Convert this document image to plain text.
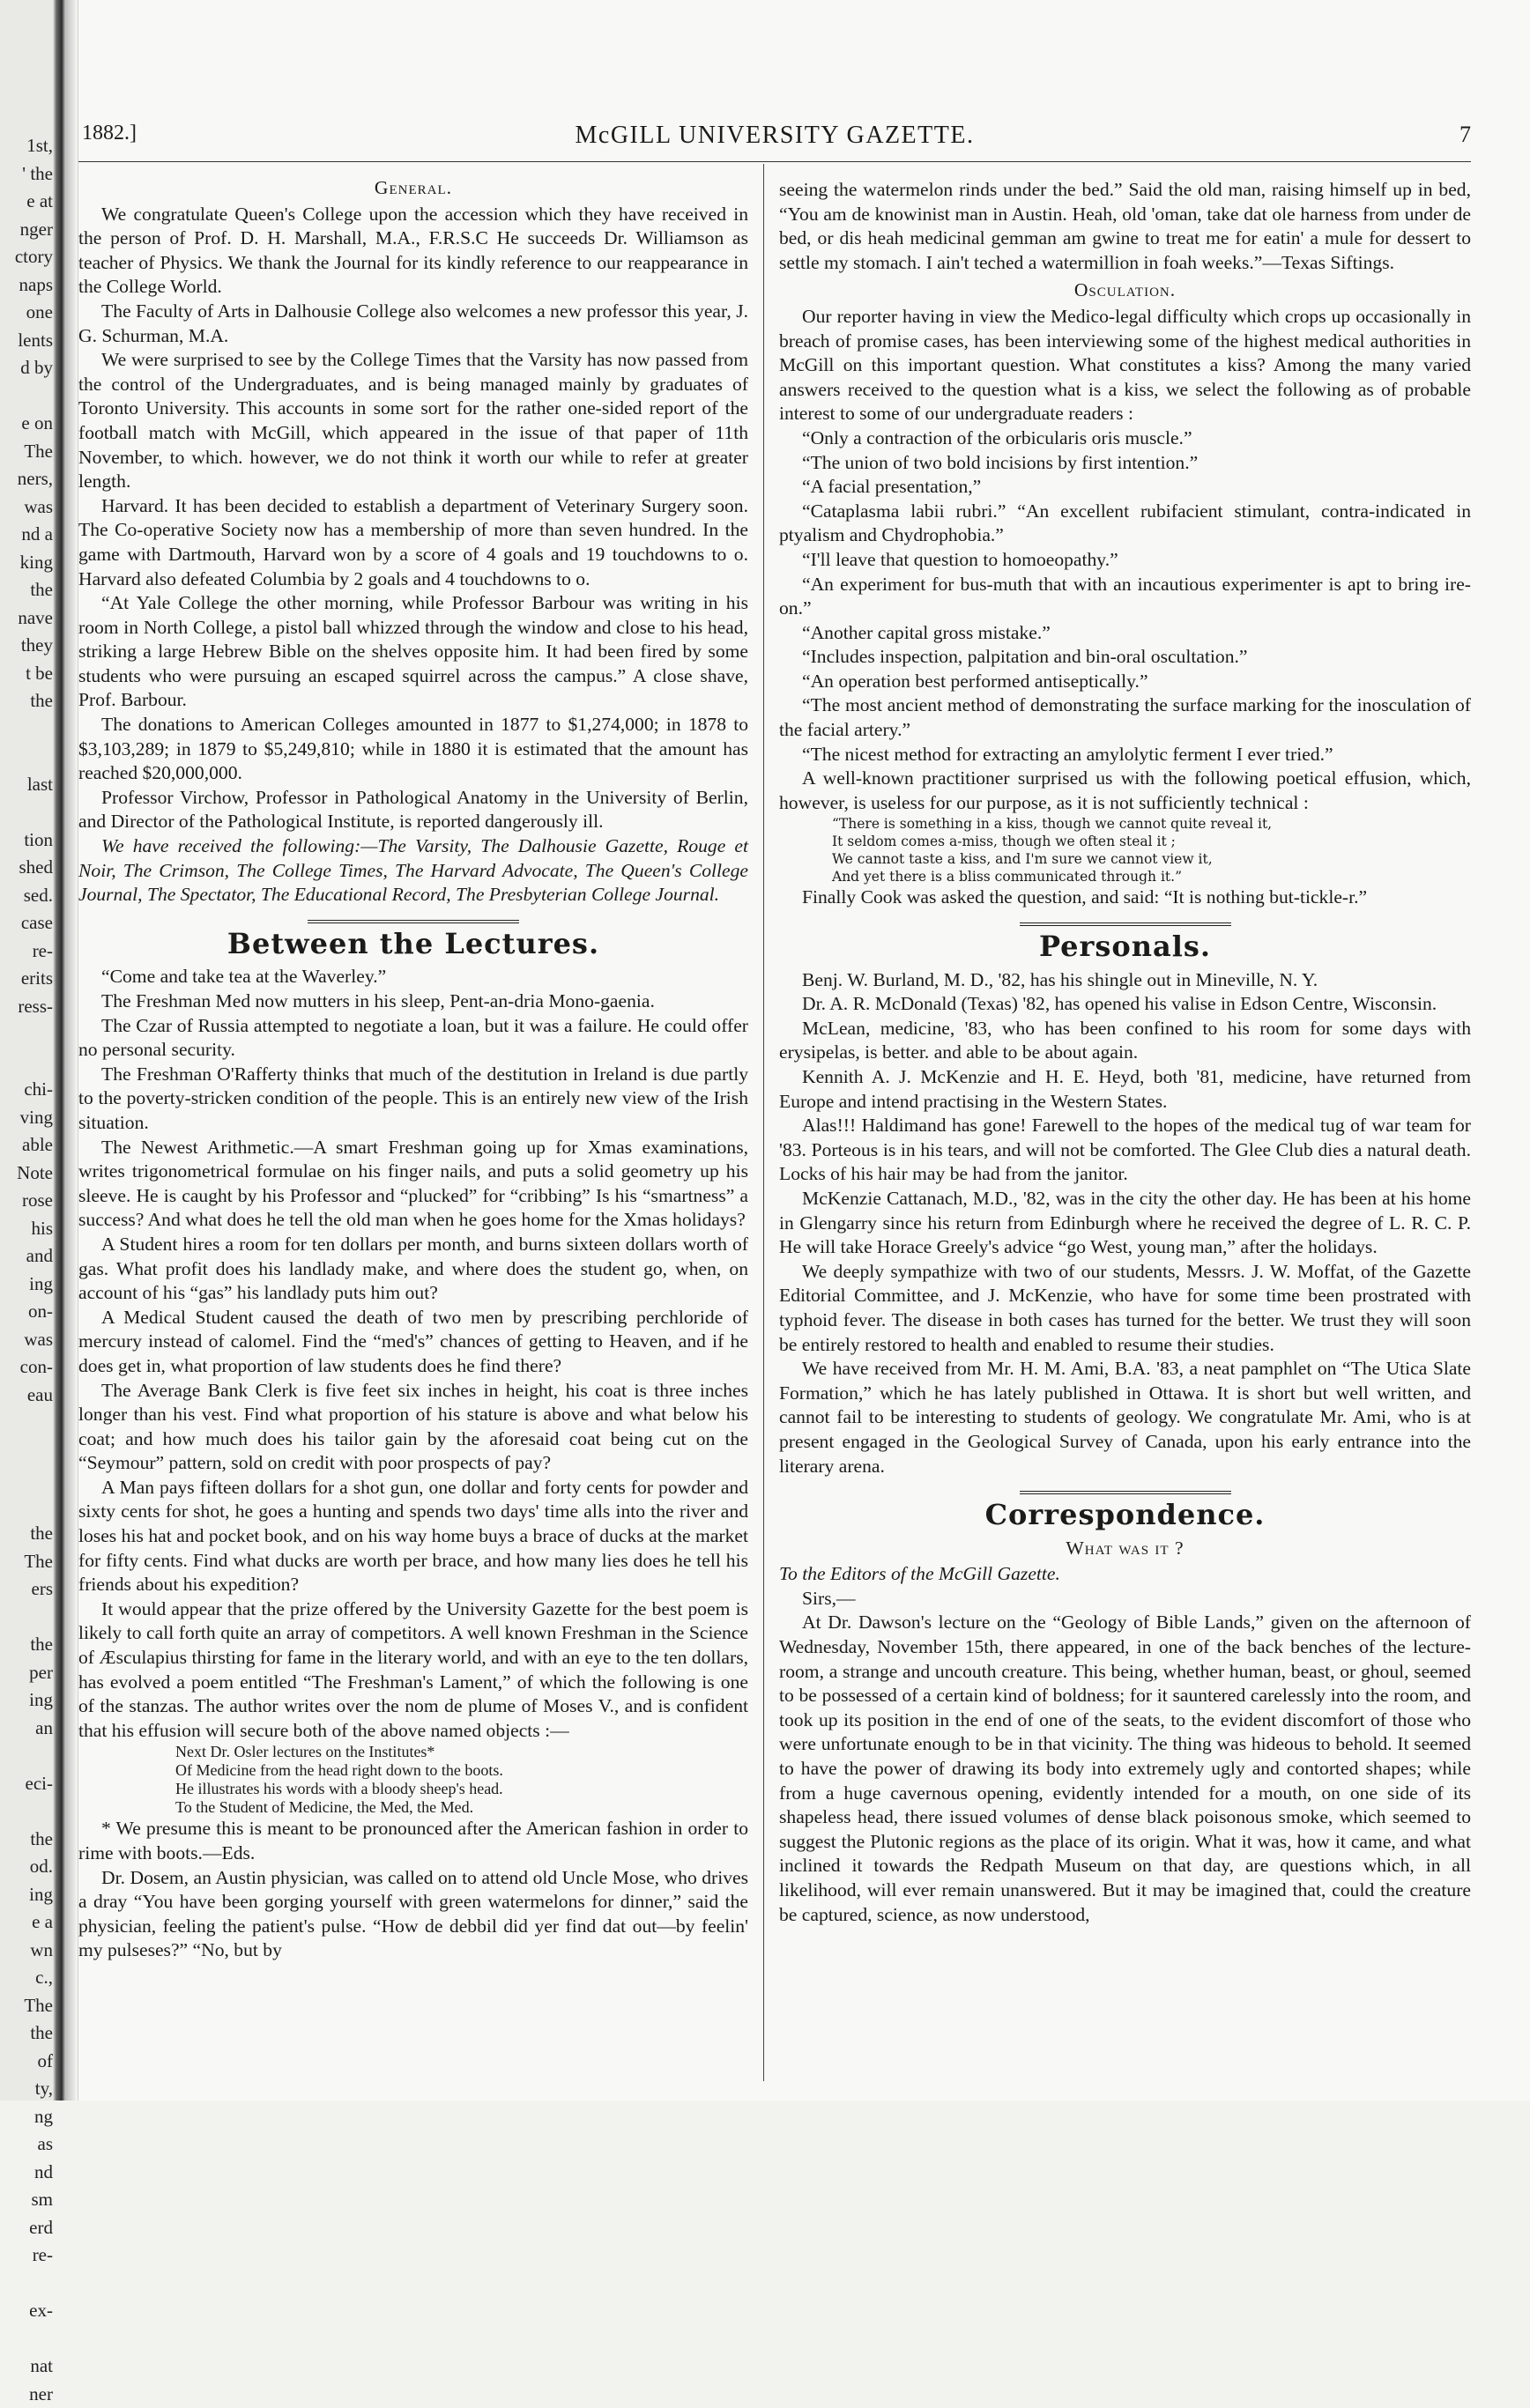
1st,
' the
e at
nger
ctory
naps
one
lents
d by
e on
The
ners,
was
nd a
king
the
nave
they
t be
the
last
tion
shed
sed.
case
re-
erits
ress-
chi-
ving
able
Note
rose
his
and
ing
on-
was
con-
eau
the
The
ers
the
per
ing
an
eci-
the
od.
ing
e a
wn
c.,
The
the
of
ty,
ng
as
nd
sm
erd
re-
ex-
nat
ner
1882.]	McGILL UNIVERSITY GAZETTE.	7

General.

We congratulate Queen's College upon the accession which they have received in the person of Prof. D. H. Marshall, M.A., F.R.S.C He succeeds Dr. Williamson as teacher of Physics. We thank the Journal for its kindly reference to our reappearance in the College World.

The Faculty of Arts in Dalhousie College also welcomes a new professor this year, J. G. Schurman, M.A.

We were surprised to see by the College Times that the Varsity has now passed from the control of the Undergraduates, and is being managed mainly by graduates of Toronto University. This accounts in some sort for the rather one-sided report of the football match with McGill, which appeared in the issue of that paper of 11th November, to which. however, we do not think it worth our while to refer at greater length.

Harvard. It has been decided to establish a department of Veterinary Surgery soon. The Co-operative Society now has a membership of more than seven hundred. In the game with Dartmouth, Harvard won by a score of 4 goals and 19 touchdowns to o. Harvard also defeated Columbia by 2 goals and 4 touchdowns to o.

“At Yale College the other morning, while Professor Barbour was writing in his room in North College, a pistol ball whizzed through the window and close to his head, striking a large Hebrew Bible on the shelves opposite him. It had been fired by some students who were pursuing an escaped squirrel across the campus.” A close shave, Prof. Barbour.

The donations to American Colleges amounted in 1877 to $1,274,000; in 1878 to $3,103,289; in 1879 to $5,249,810; while in 1880 it is estimated that the amount has reached $20,000,000.

Professor Virchow, Professor in Pathological Anatomy in the University of Berlin, and Director of the Pathological Institute, is reported dangerously ill.

We have received the following:—The Varsity, The Dalhousie Gazette, Rouge et Noir, The Crimson, The College Times, The Harvard Advocate, The Queen's College Journal, The Spectator, The Educational Record, The Presbyterian College Journal.

Between the Lectures.

“Come and take tea at the Waverley.”

The Freshman Med now mutters in his sleep, Pent-an-dria Mono-gaenia.

The Czar of Russia attempted to negotiate a loan, but it was a failure. He could offer no personal security.

The Freshman O'Rafferty thinks that much of the destitution in Ireland is due partly to the poverty-stricken condition of the people. This is an entirely new view of the Irish situation.

The Newest Arithmetic.—A smart Freshman going up for Xmas examinations, writes trigonometrical formulae on his finger nails, and puts a solid geometry up his sleeve. He is caught by his Professor and “plucked” for “cribbing” Is his “smartness” a success? And what does he tell the old man when he goes home for the Xmas holidays?

A Student hires a room for ten dollars per month, and burns sixteen dollars worth of gas. What profit does his landlady make, and where does the student go, when, on account of his “gas” his landlady puts him out?

A Medical Student caused the death of two men by prescribing perchloride of mercury instead of calomel. Find the “med's” chances of getting to Heaven, and if he does get in, what proportion of law students does he find there?

The Average Bank Clerk is five feet six inches in height, his coat is three inches longer than his vest. Find what proportion of his stature is above and what below his coat; and how much does his tailor gain by the aforesaid coat being cut on the “Seymour” pattern, sold on credit with poor prospects of pay?

A Man pays fifteen dollars for a shot gun, one dollar and forty cents for powder and sixty cents for shot, he goes a hunting and spends two days' time alls into the river and loses his hat and pocket book, and on his way home buys a brace of ducks at the market for fifty cents. Find what ducks are worth per brace, and how many lies does he tell his friends about his expedition?

It would appear that the prize offered by the University Gazette for the best poem is likely to call forth quite an array of competitors. A well known Freshman in the Science of Æsculapius thirsting for fame in the literary world, and with an eye to the ten dollars, has evolved a poem entitled “The Freshman's Lament,” of which the following is one of the stanzas. The author writes over the nom de plume of Moses V., and is confident that his effusion will secure both of the above named objects :—

Next Dr. Osler lectures on the Institutes*

Of Medicine from the head right down to the boots.

He illustrates his words with a bloody sheep's head.

To the Student of Medicine, the Med, the Med.

* We presume this is meant to be pronounced after the American fashion in order to rime with boots.—Eds.

Dr. Dosem, an Austin physician, was called on to attend old Uncle Mose, who drives a dray “You have been gorging yourself with green watermelons for dinner,” said the physician, feeling the patient's pulse. “How de debbil did yer find dat out—by feelin' my pulseses?” “No, but by

seeing the watermelon rinds under the bed.” Said the old man, raising himself up in bed, “You am de knowinist man in Austin. Heah, old 'oman, take dat ole harness from under de bed, or dis heah medicinal gemman am gwine to treat me for eatin' a mule for dessert to settle my stomach. I ain't teched a watermillion in foah weeks.”—Texas Siftings.

Osculation.

Our reporter having in view the Medico-legal difficulty which crops up occasionally in breach of promise cases, has been interviewing some of the highest medical authorities in McGill on this important question. What constitutes a kiss? Among the many varied answers received to the question what is a kiss, we select the following as of probable interest to some of our undergraduate readers :

“Only a contraction of the orbicularis oris muscle.”

“The union of two bold incisions by first intention.”

“A facial presentation,”

“Cataplasma labii rubri.” “An excellent rubifacient stimulant, contra-indicated in ptyalism and Chydrophobia.”

“I'll leave that question to homoeopathy.”

“An experiment for bus-muth that with an incautious experimenter is apt to bring ire-on.”

“Another capital gross mistake.”

“Includes inspection, palpitation and bin-oral oscultation.”

“An operation best performed antiseptically.”

“The most ancient method of demonstrating the surface marking for the inosculation of the facial artery.”

“The nicest method for extracting an amylolytic ferment I ever tried.”

A well-known practitioner surprised us with the following poetical effusion, which, however, is useless for our purpose, as it is not sufficiently technical :

“There is something in a kiss, though we cannot quite reveal it,

It seldom comes a-miss, though we often steal it ;

We cannot taste a kiss, and I'm sure we cannot view it,

And yet there is a bliss communicated through it.”

Finally Cook was asked the question, and said: “It is nothing but-tickle-r.”

Personals.

Benj. W. Burland, M. D., '82, has his shingle out in Mineville, N. Y.

Dr. A. R. McDonald (Texas) '82, has opened his valise in Edson Centre, Wisconsin.

McLean, medicine, '83, who has been confined to his room for some days with erysipelas, is better. and able to be about again.

Kennith A. J. McKenzie and H. E. Heyd, both '81, medicine, have returned from Europe and intend practising in the Western States.

Alas!!! Haldimand has gone! Farewell to the hopes of the medical tug of war team for '83. Porteous is in his tears, and will not be comforted. The Glee Club dies a natural death. Locks of his hair may be had from the janitor.

McKenzie Cattanach, M.D., '82, was in the city the other day. He has been at his home in Glengarry since his return from Edinburgh where he received the degree of L. R. C. P. He will take Horace Greely's advice “go West, young man,” after the holidays.

We deeply sympathize with two of our students, Messrs. J. W. Moffat, of the Gazette Editorial Committee, and J. McKenzie, who have for some time been prostrated with typhoid fever. The disease in both cases has turned for the better. We trust they will soon be entirely restored to health and enabled to resume their studies.

We have received from Mr. H. M. Ami, B.A. '83, a neat pamphlet on “The Utica Slate Formation,” which he has lately published in Ottawa. It is short but well written, and cannot fail to be interesting to students of geology. We congratulate Mr. Ami, who is at present engaged in the Geological Survey of Canada, upon his early entrance into the literary arena.

Correspondence.

What was it ?

To the Editors of the McGill Gazette.

Sirs,—

At Dr. Dawson's lecture on the “Geology of Bible Lands,” given on the afternoon of Wednesday, November 15th, there appeared, in one of the back benches of the lecture-room, a strange and uncouth creature. This being, whether human, beast, or ghoul, seemed to be possessed of a certain kind of boldness; for it sauntered carelessly into the room, and took up its position in the end of one of the seats, to the evident discomfort of those who were unfortunate enough to be in that vicinity. The thing was hideous to behold. It seemed to have the power of drawing its body into extremely ugly and contorted shapes; while from a huge cavernous opening, evidently intended for a mouth, on one side of its shapeless head, there issued volumes of dense black poisonous smoke, which seemed to suggest the Plutonic regions as the place of its origin. What it was, how it came, and what inclined it towards the Redpath Museum on that day, are questions which, in all likelihood, will ever remain unanswered. But it may be imagined that, could the creature be captured, science, as now understood,
